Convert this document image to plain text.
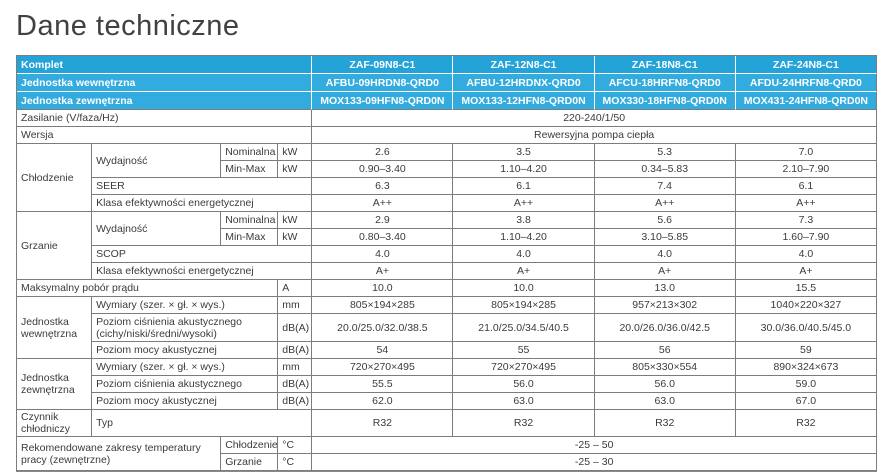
Dane techniczne
Komplet				ZAF-09N8-C1	ZAF-12N8-C1	ZAF-18N8-C1	ZAF-24N8-C1
Jednostka wewnętrzna				AFBU-09HRDN8-QRD0	AFBU-12HRDNX-QRD0	AFCU-18HRFN8-QRD0	AFDU-24HRFN8-QRD0
Jednostka zewnętrzna				MOX133-09HFN8-QRD0N	MOX133-12HFN8-QRD0N	MOX330-18HFN8-QRD0N	MOX431-24HFN8-QRD0N
Zasilanie (V/faza/Hz)				220-240/1/50			
Wersja				Rewersyjna pompa ciepła			
Chłodzenie	Wydajność	Nominalna	kW	2.6	3.5	5.3	7.0
		Min-Max	kW	0.90–3.40	1.10–4.20	0.34–5.83	2.10–7.90
	SEER			6.3	6.1	7.4	6.1
	Klasa efektywności energetycznej			A++	A++	A++	A++
Grzanie	Wydajność	Nominalna	kW	2.9	3.8	5.6	7.3
		Min-Max	kW	0.80–3.40	1.10–4.20	3.10–5.85	1.60–7.90
	SCOP			4.0	4.0	4.0	4.0
	Klasa efektywności energetycznej			A+	A+	A+	A+
Maksymalny pobór prądu			A	10.0	10.0	13.0	15.5
Jednostka wewnętrzna	Wymiary (szer. × gł. × wys.)		mm	805×194×285	805×194×285	957×213×302	1040×220×327
	Poziom ciśnienia akustycznego (cichy/niski/średni/wysoki)		dB(A)	20.0/25.0/32.0/38.5	21.0/25.0/34.5/40.5	20.0/26.0/36.0/42.5	30.0/36.0/40.5/45.0
	Poziom mocy akustycznej		dB(A)	54	55	56	59
Jednostka zewnętrzna	Wymiary (szer. × gł. × wys.)		mm	720×270×495	720×270×495	805×330×554	890×324×673
	Poziom ciśnienia akustycznego		dB(A)	55.5	56.0	56.0	59.0
	Poziom mocy akustycznej		dB(A)	62.0	63.0	63.0	67.0
Czynnik chłodniczy	Typ			R32	R32	R32	R32
Rekomendowane zakresy temperatury pracy (zewnętrzne)		Chłodzenie	°C	-25 – 50			
		Grzanie	°C	-25 – 30			
